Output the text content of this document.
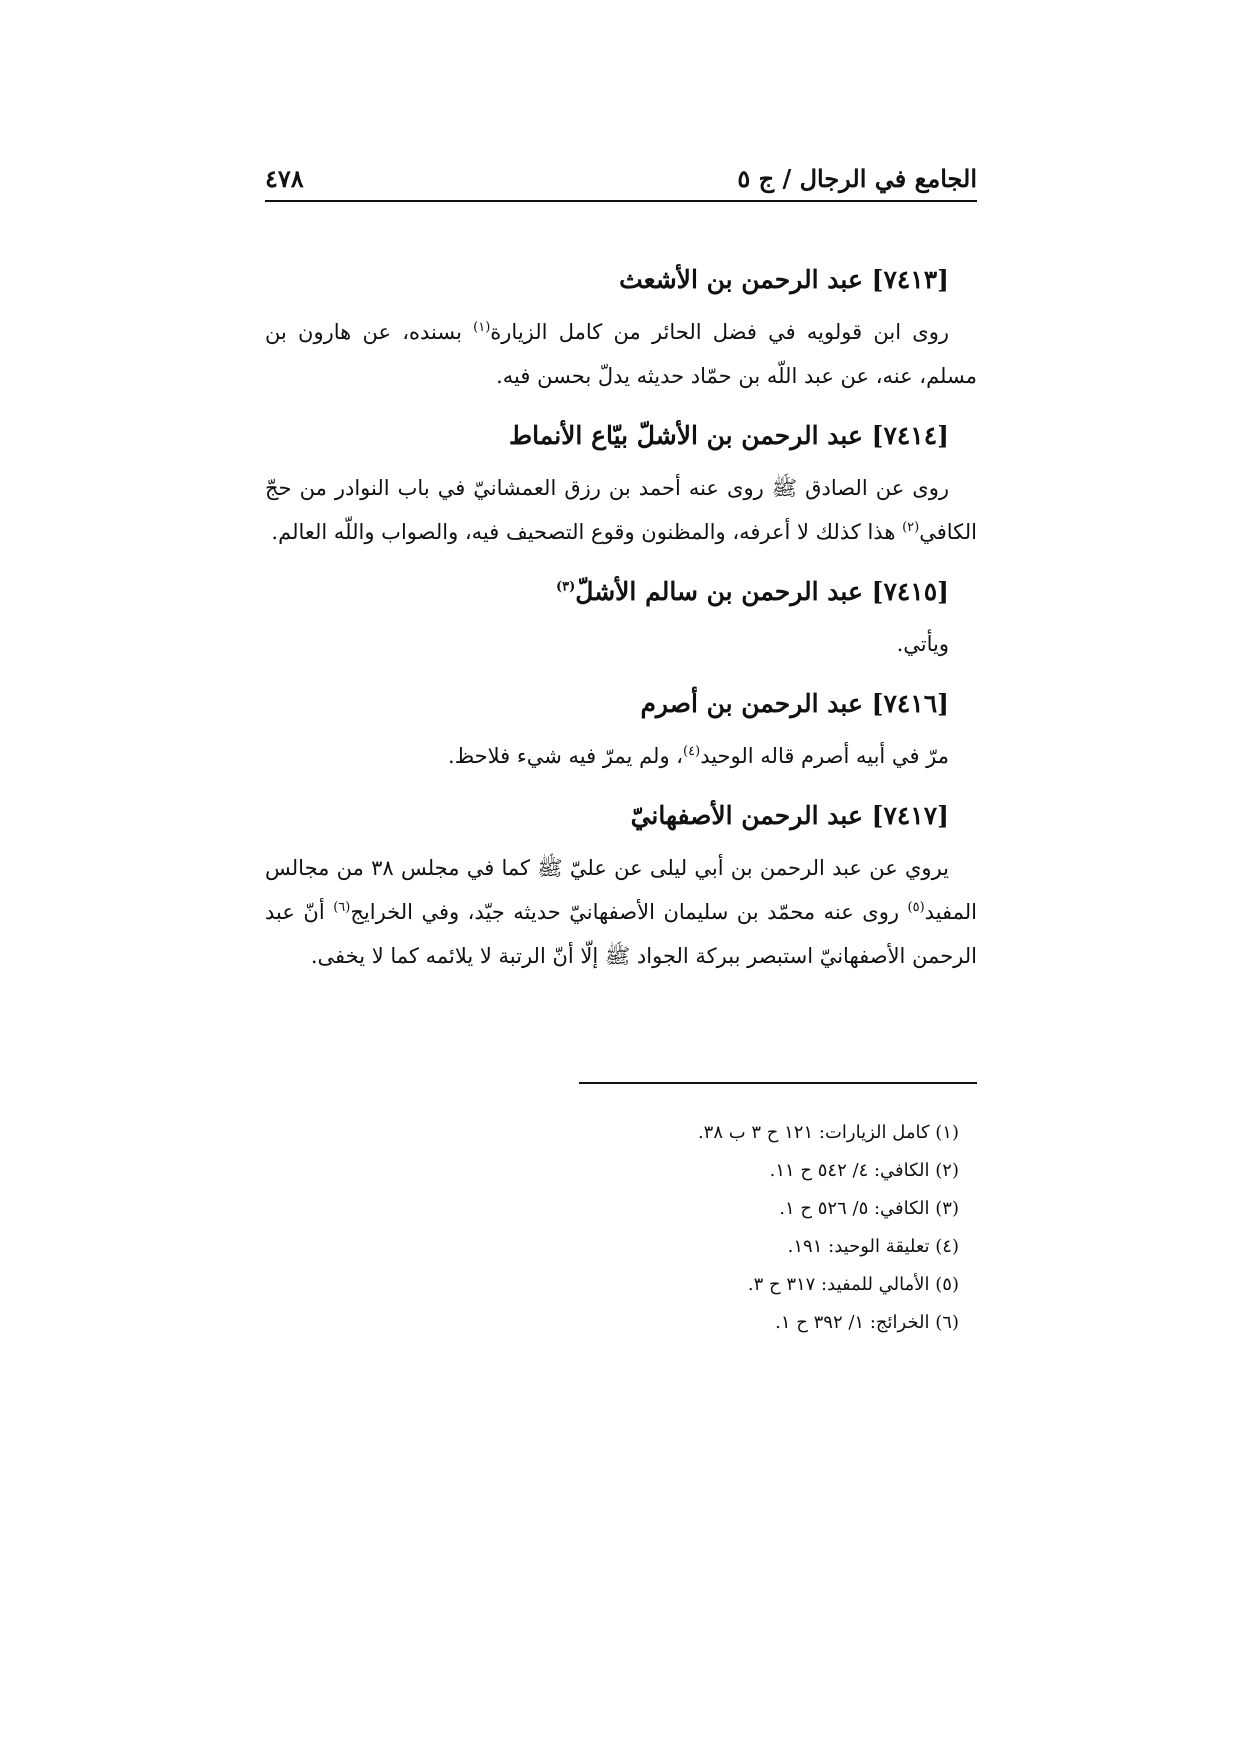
الجامع في الرجال / ج ٥
٤٧٨

[٧٤١٣] عبد الرحمن بن الأشعث

روى ابن قولويه في فضل الحائر من كامل الزيارة$^{(١)}$ بسنده، عن هارون بن مسلم، عنه، عن عبد اللّه بن حمّاد حديثه يدلّ بحسن فيه.

[٧٤١٤] عبد الرحمن بن الأشلّ بيّاع الأنماط

روى عن الصادق ﷺ روى عنه أحمد بن رزق العمشانيّ في باب النوادر من حجّ الكافي$^{(٢)}$ هذا كذلك لا أعرفه، والمظنون وقوع التصحيف فيه، والصواب واللّه العالم.

[٧٤١٥] عبد الرحمن بن سالم الأشلّ$^{(٣)}$

ويأتي.

[٧٤١٦] عبد الرحمن بن أصرم

مرّ في أبيه أصرم قاله الوحيد$^{(٤)}$، ولم يمرّ فيه شيء فلاحظ.

[٧٤١٧] عبد الرحمن الأصفهانيّ

يروي عن عبد الرحمن بن أبي ليلى عن عليّ ﷺ كما في مجلس ٣٨ من مجالس المفيد$^{(٥)}$ روى عنه محمّد بن سليمان الأصفهانيّ حديثه جيّد، وفي الخرايج$^{(٦)}$ أنّ عبد الرحمن الأصفهانيّ استبصر ببركة الجواد ﷺ إلّا أنّ الرتبة لا يلائمه كما لا يخفى.

(١) كامل الزيارات: ١٢١ ح ٣ ب ٣٨.

(٢) الكافي: ٤/ ٥٤٢ ح ١١.

(٣) الكافي: ٥/ ٥٢٦ ح ١.

(٤) تعليقة الوحيد: ١٩١.

(٥) الأمالي للمفيد: ٣١٧ ح ٣.

(٦) الخرائج: ١/ ٣٩٢ ح ١.
